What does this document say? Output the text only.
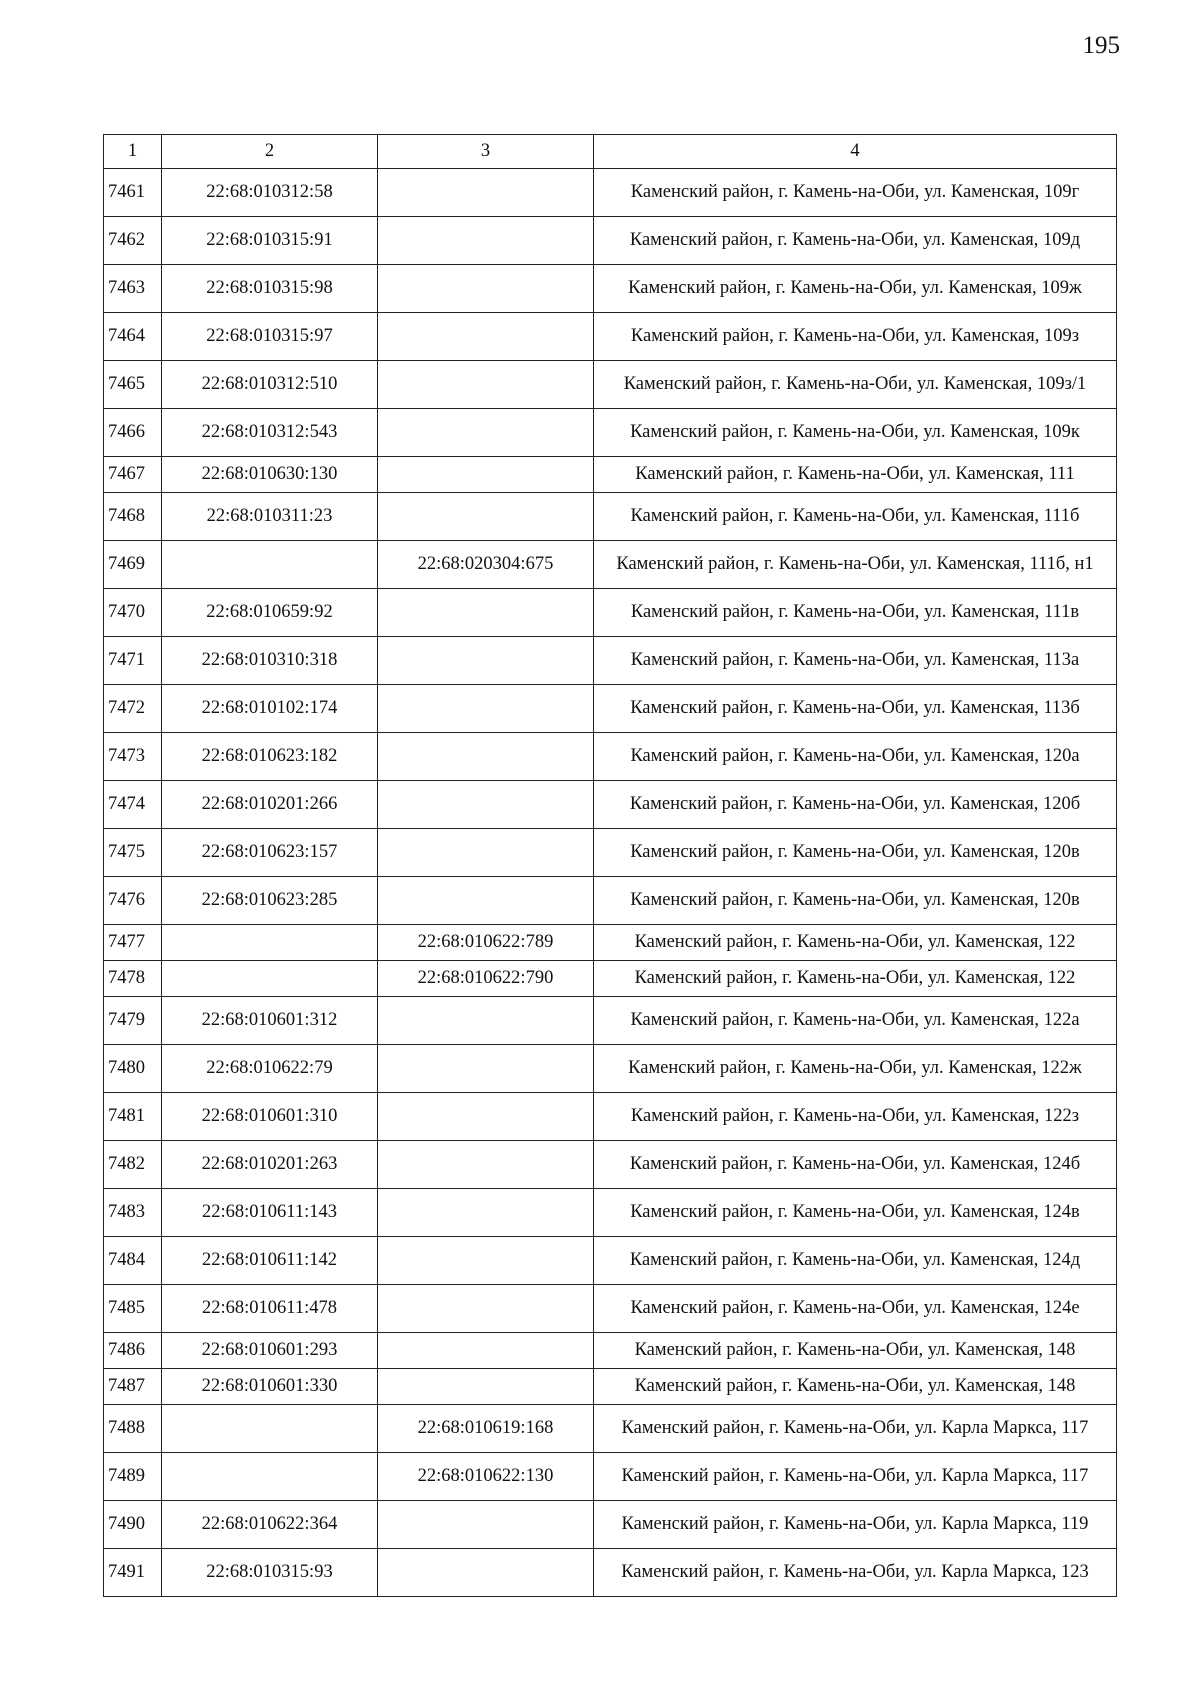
195
1	2	3	4
7461	22:68:010312:58		Каменский район, г. Камень-на-Оби, ул. Каменская, 109г
7462	22:68:010315:91		Каменский район, г. Камень-на-Оби, ул. Каменская, 109д
7463	22:68:010315:98		Каменский район, г. Камень-на-Оби, ул. Каменская, 109ж
7464	22:68:010315:97		Каменский район, г. Камень-на-Оби, ул. Каменская, 109з
7465	22:68:010312:510		Каменский район, г. Камень-на-Оби, ул. Каменская, 109з/1
7466	22:68:010312:543		Каменский район, г. Камень-на-Оби, ул. Каменская, 109к
7467	22:68:010630:130		Каменский район, г. Камень-на-Оби, ул. Каменская, 111
7468	22:68:010311:23		Каменский район, г. Камень-на-Оби, ул. Каменская, 111б
7469		22:68:020304:675	Каменский район, г. Камень-на-Оби, ул. Каменская, 111б, н1
7470	22:68:010659:92		Каменский район, г. Камень-на-Оби, ул. Каменская, 111в
7471	22:68:010310:318		Каменский район, г. Камень-на-Оби, ул. Каменская, 113а
7472	22:68:010102:174		Каменский район, г. Камень-на-Оби, ул. Каменская, 113б
7473	22:68:010623:182		Каменский район, г. Камень-на-Оби, ул. Каменская, 120а
7474	22:68:010201:266		Каменский район, г. Камень-на-Оби, ул. Каменская, 120б
7475	22:68:010623:157		Каменский район, г. Камень-на-Оби, ул. Каменская, 120в
7476	22:68:010623:285		Каменский район, г. Камень-на-Оби, ул. Каменская, 120в
7477		22:68:010622:789	Каменский район, г. Камень-на-Оби, ул. Каменская, 122
7478		22:68:010622:790	Каменский район, г. Камень-на-Оби, ул. Каменская, 122
7479	22:68:010601:312		Каменский район, г. Камень-на-Оби, ул. Каменская, 122а
7480	22:68:010622:79		Каменский район, г. Камень-на-Оби, ул. Каменская, 122ж
7481	22:68:010601:310		Каменский район, г. Камень-на-Оби, ул. Каменская, 122з
7482	22:68:010201:263		Каменский район, г. Камень-на-Оби, ул. Каменская, 124б
7483	22:68:010611:143		Каменский район, г. Камень-на-Оби, ул. Каменская, 124в
7484	22:68:010611:142		Каменский район, г. Камень-на-Оби, ул. Каменская, 124д
7485	22:68:010611:478		Каменский район, г. Камень-на-Оби, ул. Каменская, 124е
7486	22:68:010601:293		Каменский район, г. Камень-на-Оби, ул. Каменская, 148
7487	22:68:010601:330		Каменский район, г. Камень-на-Оби, ул. Каменская, 148
7488		22:68:010619:168	Каменский район, г. Камень-на-Оби, ул. Карла Маркса, 117
7489		22:68:010622:130	Каменский район, г. Камень-на-Оби, ул. Карла Маркса, 117
7490	22:68:010622:364		Каменский район, г. Камень-на-Оби, ул. Карла Маркса, 119
7491	22:68:010315:93		Каменский район, г. Камень-на-Оби, ул. Карла Маркса, 123
